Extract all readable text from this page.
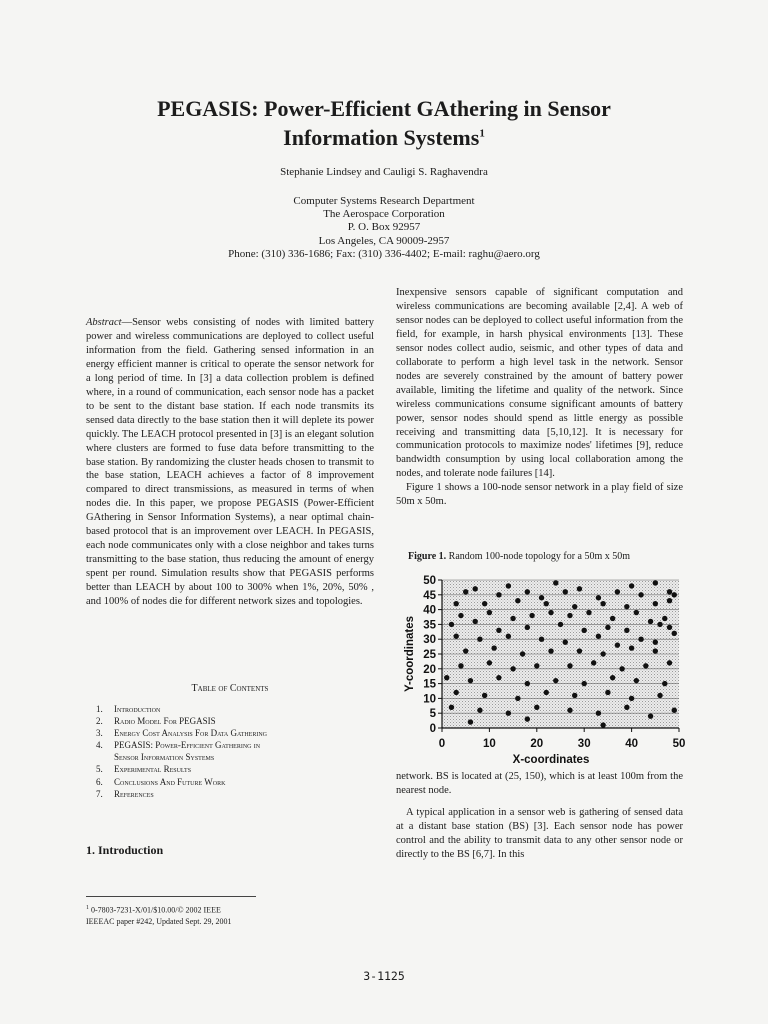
PEGASIS: Power-Efficient GAthering in Sensor
Information Systems$^1$
Stephanie Lindsey and Cauligi S. Raghavendra
Computer Systems Research Department
The Aerospace Corporation
P. O. Box 92957
Los Angeles, CA 90009-2957
Phone: (310) 336-1686; Fax: (310) 336-4402; E-mail: raghu@aero.org
Abstract—Sensor webs consisting of nodes with limited battery power and wireless communications are deployed to collect useful information from the field. Gathering sensed information in an energy efficient manner is critical to operate the sensor network for a long period of time. In [3] a data collection problem is defined where, in a round of communication, each sensor node has a packet to be sent to the distant base station. If each node transmits its sensed data directly to the base station then it will deplete its power quickly. The LEACH protocol presented in [3] is an elegant solution where clusters are formed to fuse data before transmitting to the base station. By randomizing the cluster heads chosen to transmit to the base station, LEACH achieves a factor of 8 improvement compared to direct transmissions, as measured in terms of when nodes die. In this paper, we propose PEGASIS (Power-Efficient GAthering in Sensor Information Systems), a near optimal chain-based protocol that is an improvement over LEACH. In PEGASIS, each node communicates only with a close neighbor and takes turns transmitting to the base station, thus reducing the amount of energy spent per round. Simulation results show that PEGASIS performs better than LEACH by about 100 to 300% when 1%, 20%, 50% , and 100% of nodes die for different network sizes and topologies.
Table of Contents
1.	Introduction
2.	Radio Model For PEGASIS
3.	Energy Cost Analysis For Data Gathering
4.	PEGASIS: Power-Efficient Gathering in
Sensor Information Systems
5.	Experimental Results
6.	Conclusions And Future Work
7.	References
1. Introduction
$^1$ 0-7803-7231-X/01/$10.00/© 2002 IEEE
IEEEAC paper #242, Updated Sept. 29, 2001

Inexpensive sensors capable of significant computation and wireless communications are becoming available [2,4]. A web of sensor nodes can be deployed to collect useful information from the field, for example, in harsh physical environments [13]. These sensor nodes collect audio, seismic, and other types of data and collaborate to perform a high level task in the network. Sensor nodes are severely constrained by the amount of battery power available, limiting the lifetime and quality of the network. Since wireless communications consume significant amounts of battery power, sensor nodes should spend as little energy as possible receiving and transmitting data [5,10,12]. It is necessary for communication protocols to maximize nodes' lifetimes [9], reduce bandwidth consumption by using local collaboration among the nodes, and tolerate node failures [14].

Figure 1 shows a 100-node sensor network in a play field of size 50m x 50m.

Figure 1. Random 100-node topology for a 50m x 50m
0	10	20	30	40	50
0
5
10
15
20
25
30
35
40
45
50
X-coordinates
Y-coordinates

network. BS is located at (25, 150), which is at least 100m from the nearest node.

A typical application in a sensor web is gathering of sensed data at a distant base station (BS) [3]. Each sensor node has power control and the ability to transmit data to any other sensor node or directly to the BS [6,7]. In this

3-1125
